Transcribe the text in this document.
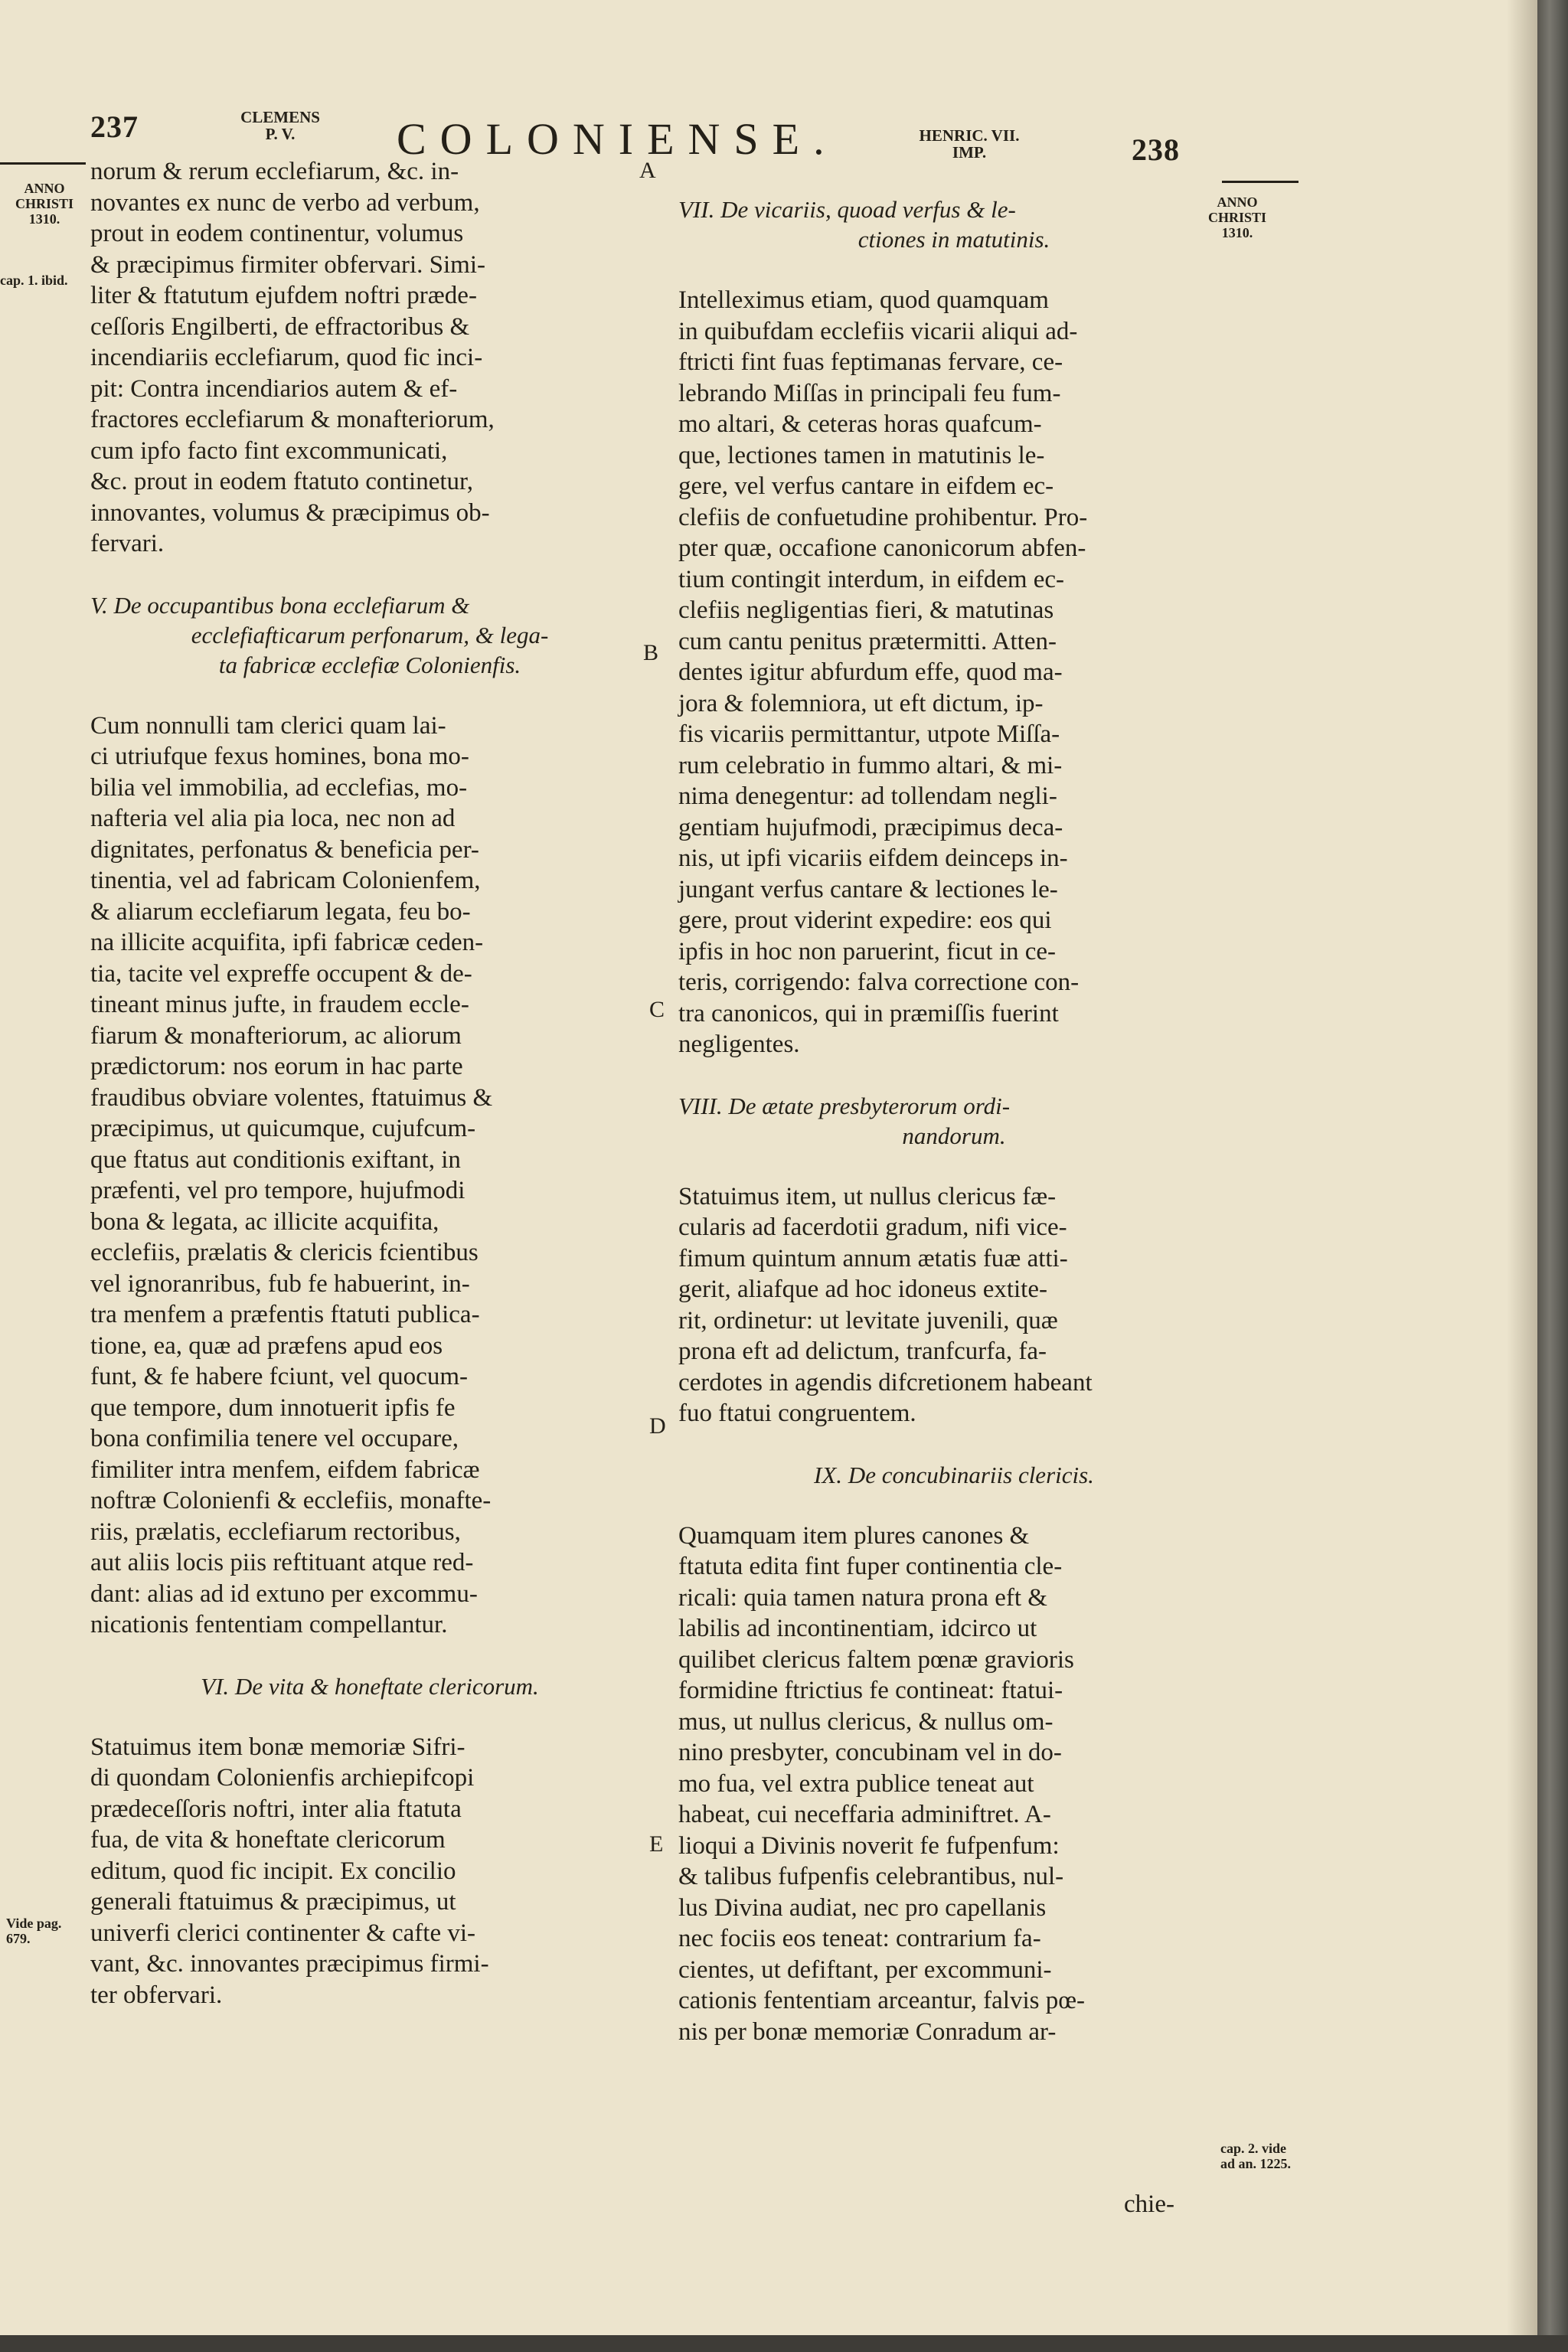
237	CLEMENS
P. V.	COLONIENSE.	HENRIC. VII.
IMP.	238
ANNO
CHRISTI
1310.
cap. 1. ibid.
Vide pag.
679.
ANNO
CHRISTI
1310.
cap. 2. vide
ad an. 1225.
A
B
C
D
E
norum & rerum ecclefiarum, &c. in-
novantes ex nunc de verbo ad verbum,
prout in eodem continentur, volumus
& præcipimus firmiter obfervari. Simi-
liter & ftatutum ejufdem noftri præde-
ceſſoris Engilberti, de effractoribus &
incendiariis ecclefiarum, quod fic inci-
pit: Contra incendiarios autem & ef-
fractores ecclefiarum & monafteriorum,
cum ipfo facto fint excommunicati,
&c. prout in eodem ftatuto continetur,
innovantes, volumus & præcipimus ob-
fervari.
V. De occupantibus bona ecclefiarum &
ecclefiafticarum perfonarum, & lega-
ta fabricæ ecclefiæ Colonienfis.
Cum nonnulli tam clerici quam lai-
ci utriufque fexus homines, bona mo-
bilia vel immobilia, ad ecclefias, mo-
nafteria vel alia pia loca, nec non ad
dignitates, perfonatus & beneficia per-
tinentia, vel ad fabricam Colonienfem,
& aliarum ecclefiarum legata, feu bo-
na illicite acquifita, ipfi fabricæ ceden-
tia, tacite vel expreffe occupent & de-
tineant minus jufte, in fraudem eccle-
fiarum & monafteriorum, ac aliorum
prædictorum: nos eorum in hac parte
fraudibus obviare volentes, ftatuimus &
præcipimus, ut quicumque, cujufcum-
que ftatus aut conditionis exiftant, in
præfenti, vel pro tempore, hujufmodi
bona & legata, ac illicite acquifita,
ecclefiis, prælatis & clericis fcientibus
vel ignoranribus, fub fe habuerint, in-
tra menfem a præfentis ftatuti publica-
tione, ea, quæ ad præfens apud eos
funt, & fe habere fciunt, vel quocum-
que tempore, dum innotuerit ipfis fe
bona confimilia tenere vel occupare,
fimiliter intra menfem, eifdem fabricæ
noftræ Colonienfi & ecclefiis, monafte-
riis, prælatis, ecclefiarum rectoribus,
aut aliis locis piis reftituant atque red-
dant: alias ad id extuno per excommu-
nicationis fententiam compellantur.
VI. De vita & honeftate clericorum.
Statuimus item bonæ memoriæ Sifri-
di quondam Colonienfis archiepifcopi
prædeceſſoris noftri, inter alia ftatuta
fua, de vita & honeftate clericorum
editum, quod fic incipit. Ex concilio
generali ftatuimus & præcipimus, ut
univerfi clerici continenter & cafte vi-
vant, &c. innovantes præcipimus firmi-
ter obfervari.
VII. De vicariis, quoad verfus & le-
ctiones in matutinis.
Intelleximus etiam, quod quamquam
in quibufdam ecclefiis vicarii aliqui ad-
ftricti fint fuas feptimanas fervare, ce-
lebrando Miſſas in principali feu fum-
mo altari, & ceteras horas quafcum-
que, lectiones tamen in matutinis le-
gere, vel verfus cantare in eifdem ec-
clefiis de confuetudine prohibentur. Pro-
pter quæ, occafione canonicorum abfen-
tium contingit interdum, in eifdem ec-
clefiis negligentias fieri, & matutinas
cum cantu penitus prætermitti. Atten-
dentes igitur abfurdum effe, quod ma-
jora & folemniora, ut eft dictum, ip-
fis vicariis permittantur, utpote Miſſa-
rum celebratio in fummo altari, & mi-
nima denegentur: ad tollendam negli-
gentiam hujufmodi, præcipimus deca-
nis, ut ipfi vicariis eifdem deinceps in-
jungant verfus cantare & lectiones le-
gere, prout viderint expedire: eos qui
ipfis in hoc non paruerint, ficut in ce-
teris, corrigendo: falva correctione con-
tra canonicos, qui in præmiſſis fuerint
negligentes.
VIII. De ætate presbyterorum ordi-
nandorum.
Statuimus item, ut nullus clericus fæ-
cularis ad facerdotii gradum, nifi vice-
fimum quintum annum ætatis fuæ atti-
gerit, aliafque ad hoc idoneus extite-
rit, ordinetur: ut levitate juvenili, quæ
prona eft ad delictum, tranfcurfa, fa-
cerdotes in agendis difcretionem habeant
fuo ftatui congruentem.
IX. De concubinariis clericis.
Quamquam item plures canones &
ftatuta edita fint fuper continentia cle-
ricali: quia tamen natura prona eft &
labilis ad incontinentiam, idcirco ut
quilibet clericus faltem pœnæ gravioris
formidine ftrictius fe contineat: ftatui-
mus, ut nullus clericus, & nullus om-
nino presbyter, concubinam vel in do-
mo fua, vel extra publice teneat aut
habeat, cui neceffaria adminiftret. A-
lioqui a Divinis noverit fe fufpenfum:
& talibus fufpenfis celebrantibus, nul-
lus Divina audiat, nec pro capellanis
nec fociis eos teneat: contrarium fa-
cientes, ut defiftant, per excommuni-
cationis fententiam arceantur, falvis pœ-
nis per bonæ memoriæ Conradum ar-
chie-
